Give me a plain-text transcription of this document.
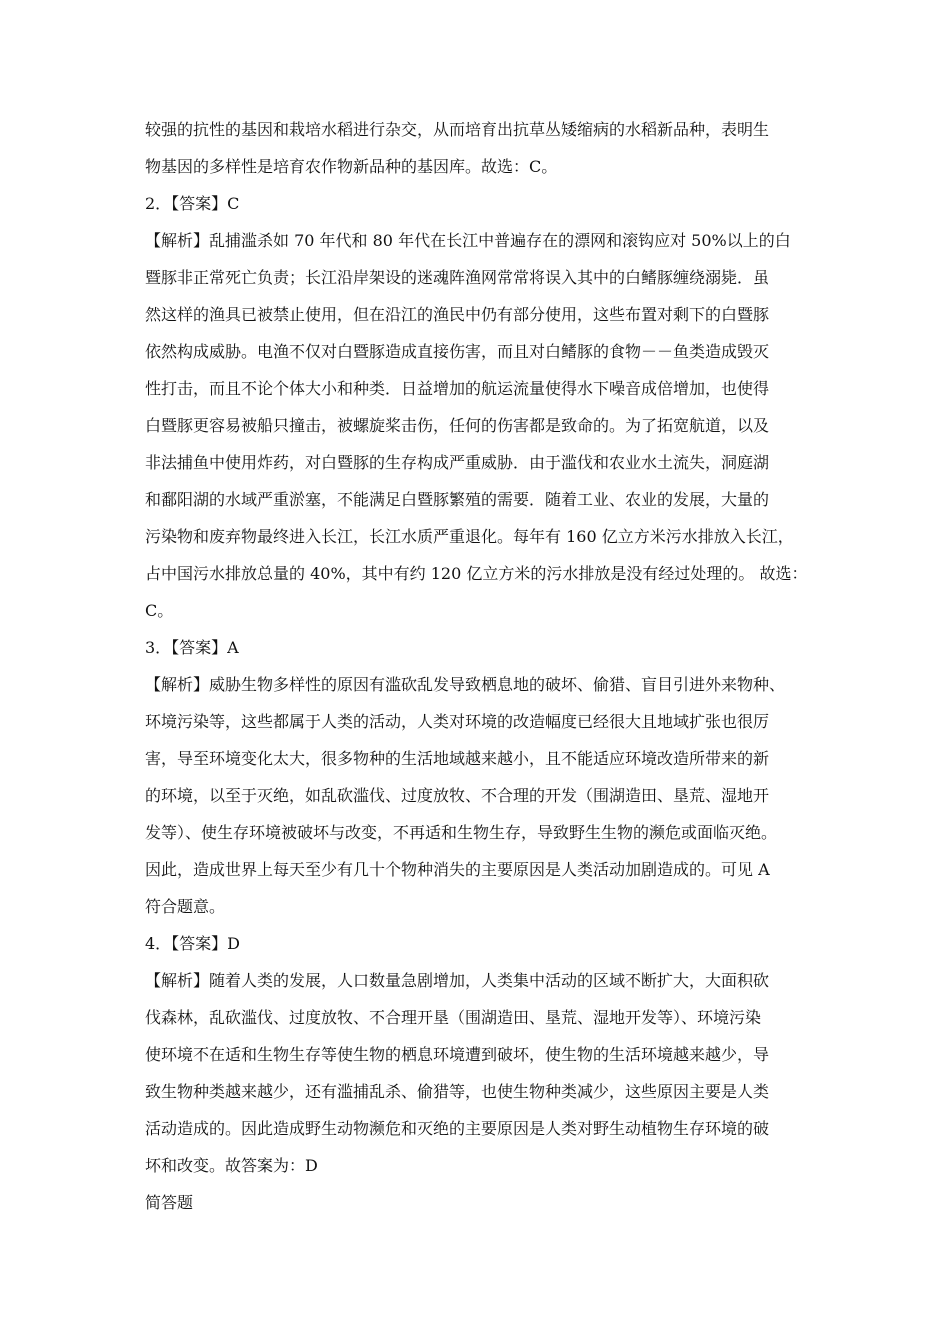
较强的抗性的基因和栽培水稻进行杂交，从而培育出抗草丛矮缩病的水稻新品种，表明生
物基因的多样性是培育农作物新品种的基因库。故选：C。
2．【答案】C
【解析】乱捕滥杀如 70 年代和 80 年代在长江中普遍存在的漂网和滚钩应对 50%以上的白
暨豚非正常死亡负责；长江沿岸架设的迷魂阵渔网常常将误入其中的白鳍豚缠绕溺毙．虽
然这样的渔具已被禁止使用，但在沿江的渔民中仍有部分使用，这些布置对剩下的白暨豚
依然构成威胁。电渔不仅对白暨豚造成直接伤害，而且对白鳍豚的食物－－鱼类造成毁灭
性打击，而且不论个体大小和种类．日益增加的航运流量使得水下噪音成倍增加，也使得
白暨豚更容易被船只撞击，被螺旋桨击伤，任何的伤害都是致命的。为了拓宽航道，以及
非法捕鱼中使用炸药，对白暨豚的生存构成严重威胁．由于滥伐和农业水土流失，洞庭湖
和鄱阳湖的水域严重淤塞，不能满足白暨豚繁殖的需要．随着工业、农业的发展，大量的
污染物和废弃物最终进入长江，长江水质严重退化。每年有 160 亿立方米污水排放入长江，
占中国污水排放总量的 40%，其中有约 120 亿立方米的污水排放是没有经过处理的。 故选：
C。
3．【答案】A
【解析】威胁生物多样性的原因有滥砍乱发导致栖息地的破坏、偷猎、盲目引进外来物种、
环境污染等，这些都属于人类的活动，人类对环境的改造幅度已经很大且地域扩张也很厉
害，导至环境变化太大，很多物种的生活地域越来越小，且不能适应环境改造所带来的新
的环境，以至于灭绝，如乱砍滥伐、过度放牧、不合理的开发（围湖造田、垦荒、湿地开
发等）、使生存环境被破坏与改变，不再适和生物生存，导致野生生物的濒危或面临灭绝。
因此，造成世界上每天至少有几十个物种消失的主要原因是人类活动加剧造成的。可见 A
符合题意。
4．【答案】D
【解析】随着人类的发展，人口数量急剧增加，人类集中活动的区域不断扩大，大面积砍
伐森林，乱砍滥伐、过度放牧、不合理开垦（围湖造田、垦荒、湿地开发等）、环境污染
使环境不在适和生物生存等使生物的栖息环境遭到破坏，使生物的生活环境越来越少，导
致生物种类越来越少，还有滥捕乱杀、偷猎等，也使生物种类减少，这些原因主要是人类
活动造成的。因此造成野生动物濒危和灭绝的主要原因是人类对野生动植物生存环境的破
坏和改变。故答案为：D
简答题
